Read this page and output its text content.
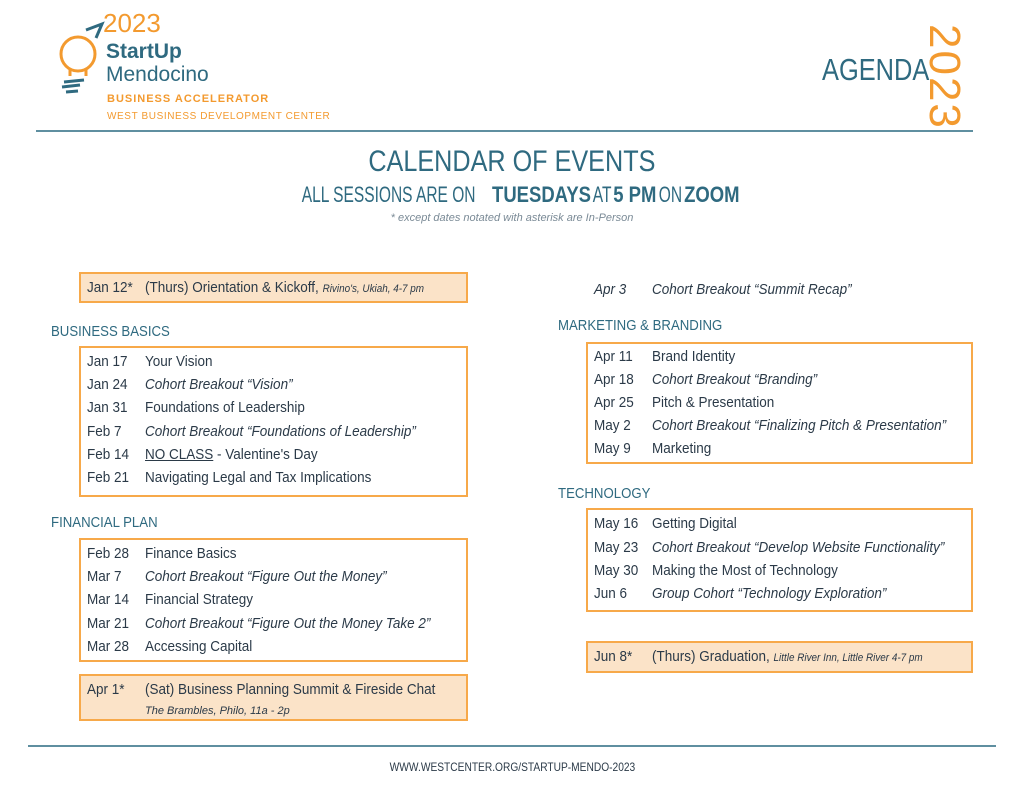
2023
StartUp
Mendocino
BUSINESS ACCELERATOR
WEST BUSINESS DEVELOPMENT CENTER
AGENDA
2023
CALENDAR OF EVENTS
ALL SESSIONS ARE ONTUESDAYSAT5 PMONZOOM
* except dates notated with asterisk are In-Person
Jan 12* (Thurs) Orientation & Kickoff, Rivino's, Ukiah, 4-7 pm
BUSINESS BASICS
Jan 17 Your Vision
Jan 24 Cohort Breakout “Vision”
Jan 31 Foundations of Leadership
Feb 7 Cohort Breakout “Foundations of Leadership”
Feb 14 NO CLASS - Valentine's Day
Feb 21 Navigating Legal and Tax Implications
FINANCIAL PLAN
Feb 28 Finance Basics
Mar 7 Cohort Breakout “Figure Out the Money”
Mar 14 Financial Strategy
Mar 21 Cohort Breakout “Figure Out the Money Take 2”
Mar 28 Accessing Capital
Apr 1* (Sat) Business Planning Summit & Fireside Chat
The Brambles, Philo, 11a - 2p
Apr 3 Cohort Breakout “Summit Recap”
MARKETING & BRANDING
Apr 11 Brand Identity
Apr 18 Cohort Breakout “Branding”
Apr 25 Pitch & Presentation
May 2 Cohort Breakout “Finalizing Pitch & Presentation”
May 9 Marketing
TECHNOLOGY
May 16 Getting Digital
May 23 Cohort Breakout “Develop Website Functionality”
May 30 Making the Most of Technology
Jun 6 Group Cohort “Technology Exploration”
Jun 8* (Thurs) Graduation, Little River Inn, Little River 4-7 pm
WWW.WESTCENTER.ORG/STARTUP-MENDO-2023
